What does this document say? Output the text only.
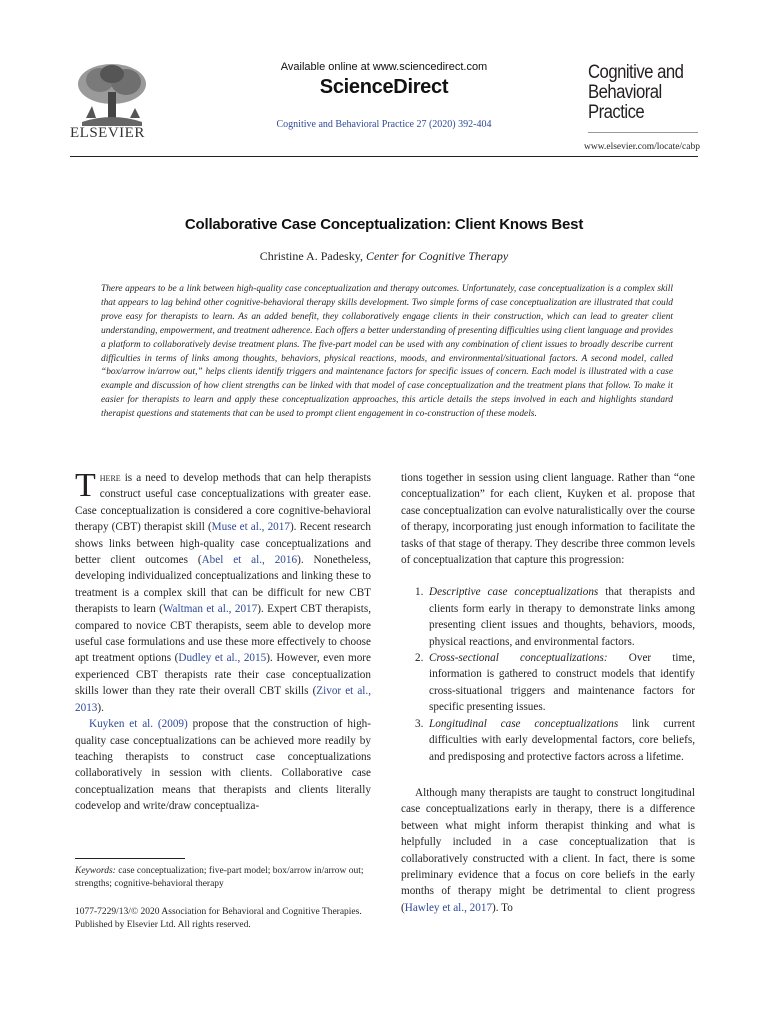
ELSEVIER
Available online at www.sciencedirect.com
ScienceDirect
Cognitive and Behavioral Practice 27 (2020) 392-404
Cognitive and
Behavioral
Practice
www.elsevier.com/locate/cabp
Collaborative Case Conceptualization: Client Knows Best
Christine A. Padesky, Center for Cognitive Therapy
There appears to be a link between high-quality case conceptualization and therapy outcomes. Unfortunately, case conceptualization is a complex skill that appears to lag behind other cognitive-behavioral therapy skills development. Two simple forms of case conceptualization are illustrated that could prove easy for therapists to learn. As an added benefit, they collaboratively engage clients in their construction, which can lead to greater client understanding, empowerment, and treatment adherence. Each offers a better understanding of presenting difficulties using client language and provides a platform to collaboratively devise treatment plans. The five-part model can be used with any combination of client issues to broadly describe current difficulties in terms of links among thoughts, behaviors, physical reactions, moods, and environmental/situational factors. A second model, called “box/arrow in/arrow out,” helps clients identify triggers and maintenance factors for specific issues of concern. Each model is illustrated with a case example and discussion of how client strengths can be linked with that model of case conceptualization and the treatment plans that follow. To make it easier for therapists to learn and apply these conceptualization approaches, this article details the steps involved in each and highlights standard therapist questions and statements that can be used to prompt client engagement in co-construction of these models.

There is a need to develop methods that can help therapists construct useful case conceptualizations with greater ease. Case conceptualization is considered a core cognitive-behavioral therapy (CBT) therapist skill (Muse et al., 2017). Recent research shows links between high-quality case conceptualizations and better client outcomes (Abel et al., 2016). Nonetheless, developing individualized conceptualizations and linking these to treatment is a complex skill that can be difficult for new CBT therapists to learn (Waltman et al., 2017). Expert CBT therapists, compared to novice CBT therapists, seem able to develop more useful case formulations and use these more effectively to choose apt treatment options (Dudley et al., 2015). However, even more experienced CBT therapists rate their case conceptualization skills lower than they rate their overall CBT skills (Zivor et al., 2013).

Kuyken et al. (2009) propose that the construction of high-quality case conceptualizations can be achieved more readily by teaching therapists to construct case conceptualizations collaboratively in session with clients. Collaborative case conceptualization means that therapists and clients literally codevelop and write/draw conceptualiza-

tions together in session using client language. Rather than “one conceptualization” for each client, Kuyken et al. propose that case conceptualization can evolve naturalistically over the course of therapy, incorporating just enough information to facilitate the tasks of that stage of therapy. They describe three common levels of conceptualization that capture this progression:
1. Descriptive case conceptualizations that therapists and clients form early in therapy to demonstrate links among presenting client issues and thoughts, behaviors, moods, physical reactions, and environmental factors.
2. Cross-sectional conceptualizations: Over time, information is gathered to construct models that identify cross-situational triggers and maintenance factors for specific presenting issues.
3. Longitudinal case conceptualizations link current difficulties with early developmental factors, core beliefs, and predisposing and protective factors across a lifetime.

Although many therapists are taught to construct longitudinal case conceptualizations early in therapy, there is a difference between what might inform therapist thinking and what is helpfully included in a case conceptualization that is collaboratively constructed with a client. In fact, there is some preliminary evidence that a focus on core beliefs in the early months of therapy might be detrimental to client progress (Hawley et al., 2017). To

Keywords: case conceptualization; five-part model; box/arrow in/arrow out; strengths; cognitive-behavioral therapy
1077-7229/13/© 2020 Association for Behavioral and Cognitive Therapies. Published by Elsevier Ltd. All rights reserved.
